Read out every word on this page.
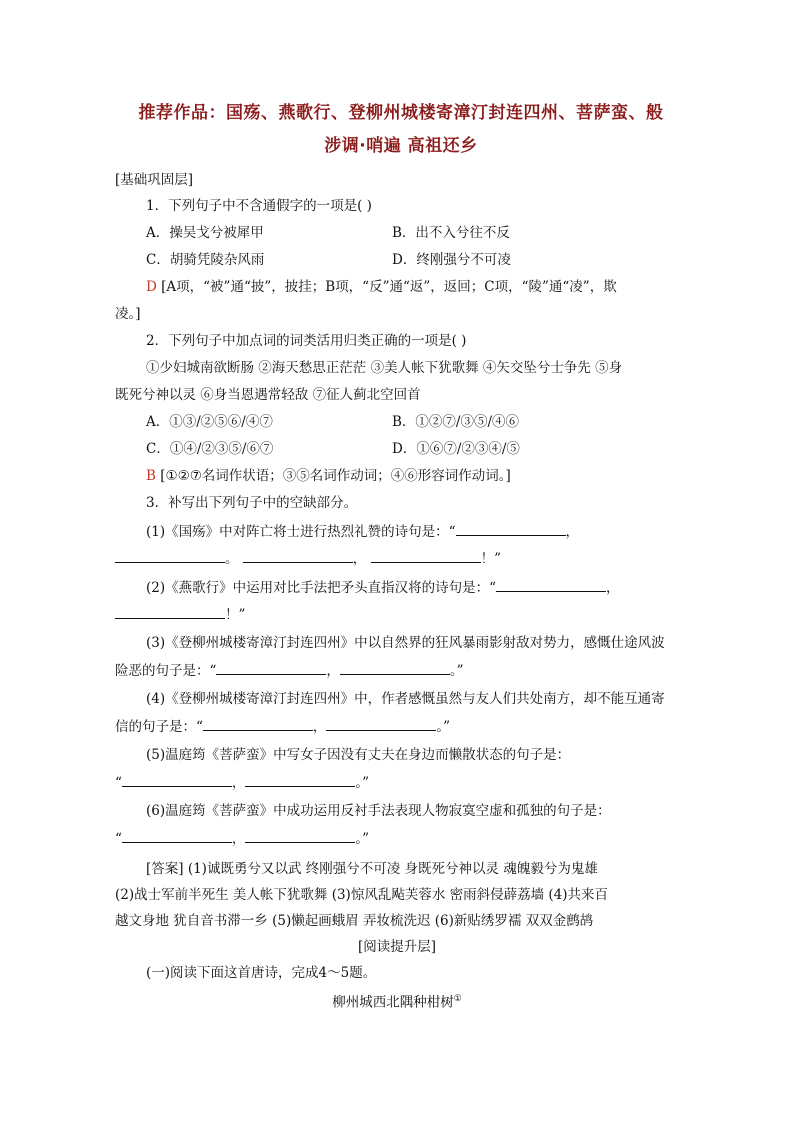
推荐作品：国殇、燕歌行、登柳州城楼寄漳汀封连四州、菩萨蛮、般
涉调·哨遍 高祖还乡
[基础巩固层]
1．下列句子中不含通假字的一项是( )
A．操吴戈兮被犀甲	B．出不入兮往不反
C．胡骑凭陵杂风雨	D．终刚强兮不可凌
D [A项，“被”通“披”，披挂；B项，“反”通“返”，返回；C项，“陵”通“凌”，欺
凌。]
2．下列句子中加点词的词类活用归类正确的一项是( )
①少妇城南欲断肠 ②海天愁思正茫茫 ③美人帐下犹歌舞 ④矢交坠兮士争先 ⑤身
既死兮神以灵 ⑥身当恩遇常轻敌 ⑦征人蓟北空回首
A．①③/②⑤⑥/④⑦	B．①②⑦/③⑤/④⑥
C．①④/②③⑤/⑥⑦	D．①⑥⑦/②③④/⑤
B [①②⑦名词作状语；③⑤名词作动词；④⑥形容词作动词。]
3．补写出下列句子中的空缺部分。
(1)《国殇》中对阵亡将士进行热烈礼赞的诗句是：“	，
。	，	！”
(2)《燕歌行》中运用对比手法把矛头直指汉将的诗句是：“	，
！”
(3)《登柳州城楼寄漳汀封连四州》中以自然界的狂风暴雨影射敌对势力，感慨仕途风波
险恶的句子是：“	，	。”
(4)《登柳州城楼寄漳汀封连四州》中，作者感慨虽然与友人们共处南方，却不能互通寄
信的句子是：“	，	。”
(5)温庭筠《菩萨蛮》中写女子因没有丈夫在身边而懒散状态的句子是：
“	，	。”
(6)温庭筠《菩萨蛮》中成功运用反衬手法表现人物寂寞空虚和孤独的句子是：
“	，	。”
[答案] (1)诚既勇兮又以武 终刚强兮不可凌 身既死兮神以灵 魂魄毅兮为鬼雄
(2)战士军前半死生 美人帐下犹歌舞 (3)惊风乱飐芙蓉水 密雨斜侵薜荔墙 (4)共来百
越文身地 犹自音书滞一乡 (5)懒起画蛾眉 弄妆梳洗迟 (6)新贴绣罗襦 双双金鹧鸪
[阅读提升层]
(一)阅读下面这首唐诗，完成4～5题。
柳州城西北隅种柑树①
